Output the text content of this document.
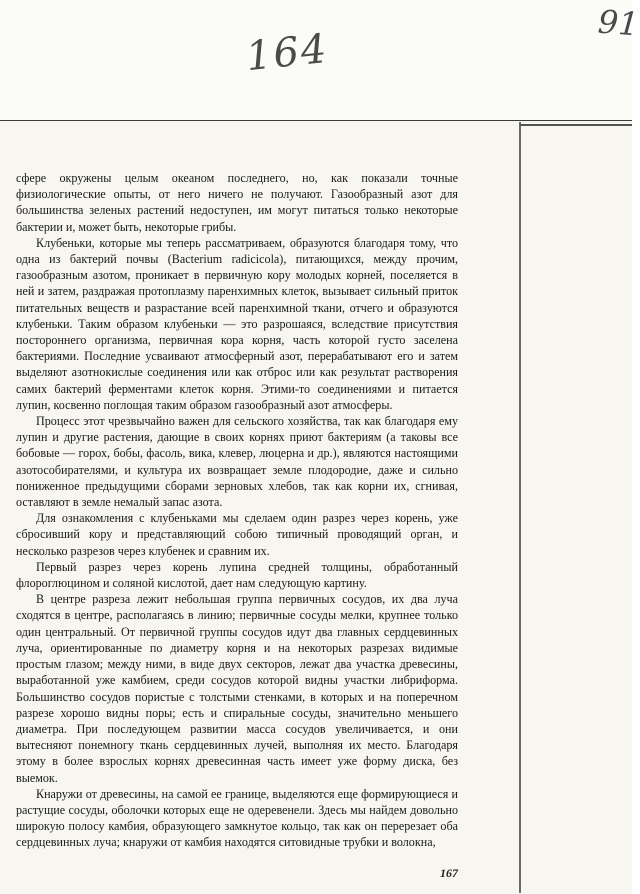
164
91

сфере окружены целым океаном последнего, но, как показали точные физиологические опыты, от него ничего не получают. Газообразный азот для большинства зеленых растений недоступен, им могут питаться только некоторые бактерии и, может быть, некоторые грибы.

Клубеньки, которые мы теперь рассматриваем, образуются благодаря тому, что одна из бактерий почвы (Bacterium radicicola), питающихся, между прочим, газообразным азотом, проникает в первичную кору молодых корней, поселяется в ней и затем, раздражая протоплазму паренхимных клеток, вызывает сильный приток питательных веществ и разрастание всей паренхимной ткани, отчего и образуются клубеньки. Таким образом клубеньки — это разрошаяся, вследствие присутствия постороннего организма, первичная кора корня, часть которой густо заселена бактериями. Последние усваивают атмосферный азот, перерабатывают его и затем выделяют азотнокислые соединения или как отброс или как результат растворения самих бактерий ферментами клеток корня. Этими-то соединениями и питается лупин, косвенно поглощая таким образом газообразный азот атмосферы.

Процесс этот чрезвычайно важен для сельского хозяйства, так как благодаря ему лупин и другие растения, дающие в своих корнях приют бактериям (а таковы все бобовые — горох, бобы, фасоль, вика, клевер, люцерна и др.), являются настоящими азотособирателями, и культура их возвращает земле плодородие, даже и сильно пониженное предыдущими сборами зерновых хлебов, так как корни их, сгнивая, оставляют в земле немалый запас азота.

Для ознакомления с клубеньками мы сделаем один разрез через корень, уже сбросивший кору и представляющий собою типичный проводящий орган, и несколько разрезов через клубенек и сравним их.

Первый разрез через корень лупина средней толщины, обработанный флороглюцином и соляной кислотой, дает нам следующую картину.

В центре разреза лежит небольшая группа первичных сосудов, их два луча сходятся в центре, располагаясь в линию; первичные сосуды мелки, крупнее только один центральный. От первичной группы сосудов идут два главных сердцевинных луча, ориентированные по диаметру корня и на некоторых разрезах видимые простым глазом; между ними, в виде двух секторов, лежат два участка древесины, выработанной уже камбием, среди сосудов которой видны участки либриформа. Большинство сосудов пористые с толстыми стенками, в которых и на поперечном разрезе хорошо видны поры; есть и спиральные сосуды, значительно меньшего диаметра. При последующем развитии масса сосудов увеличивается, и они вытесняют понемногу ткань сердцевинных лучей, выполняя их место. Благодаря этому в более взрослых корнях древесинная часть имеет уже форму диска, без выемок.

Кнаружи от древесины, на самой ее границе, выделяются еще формирующиеся и растущие сосуды, оболочки которых еще не одеревенели. Здесь мы найдем довольно широкую полосу камбия, образующего замкнутое кольцо, так как он перерезает оба сердцевинных луча; кнаружи от камбия находятся ситовидные трубки и волокна,

167
